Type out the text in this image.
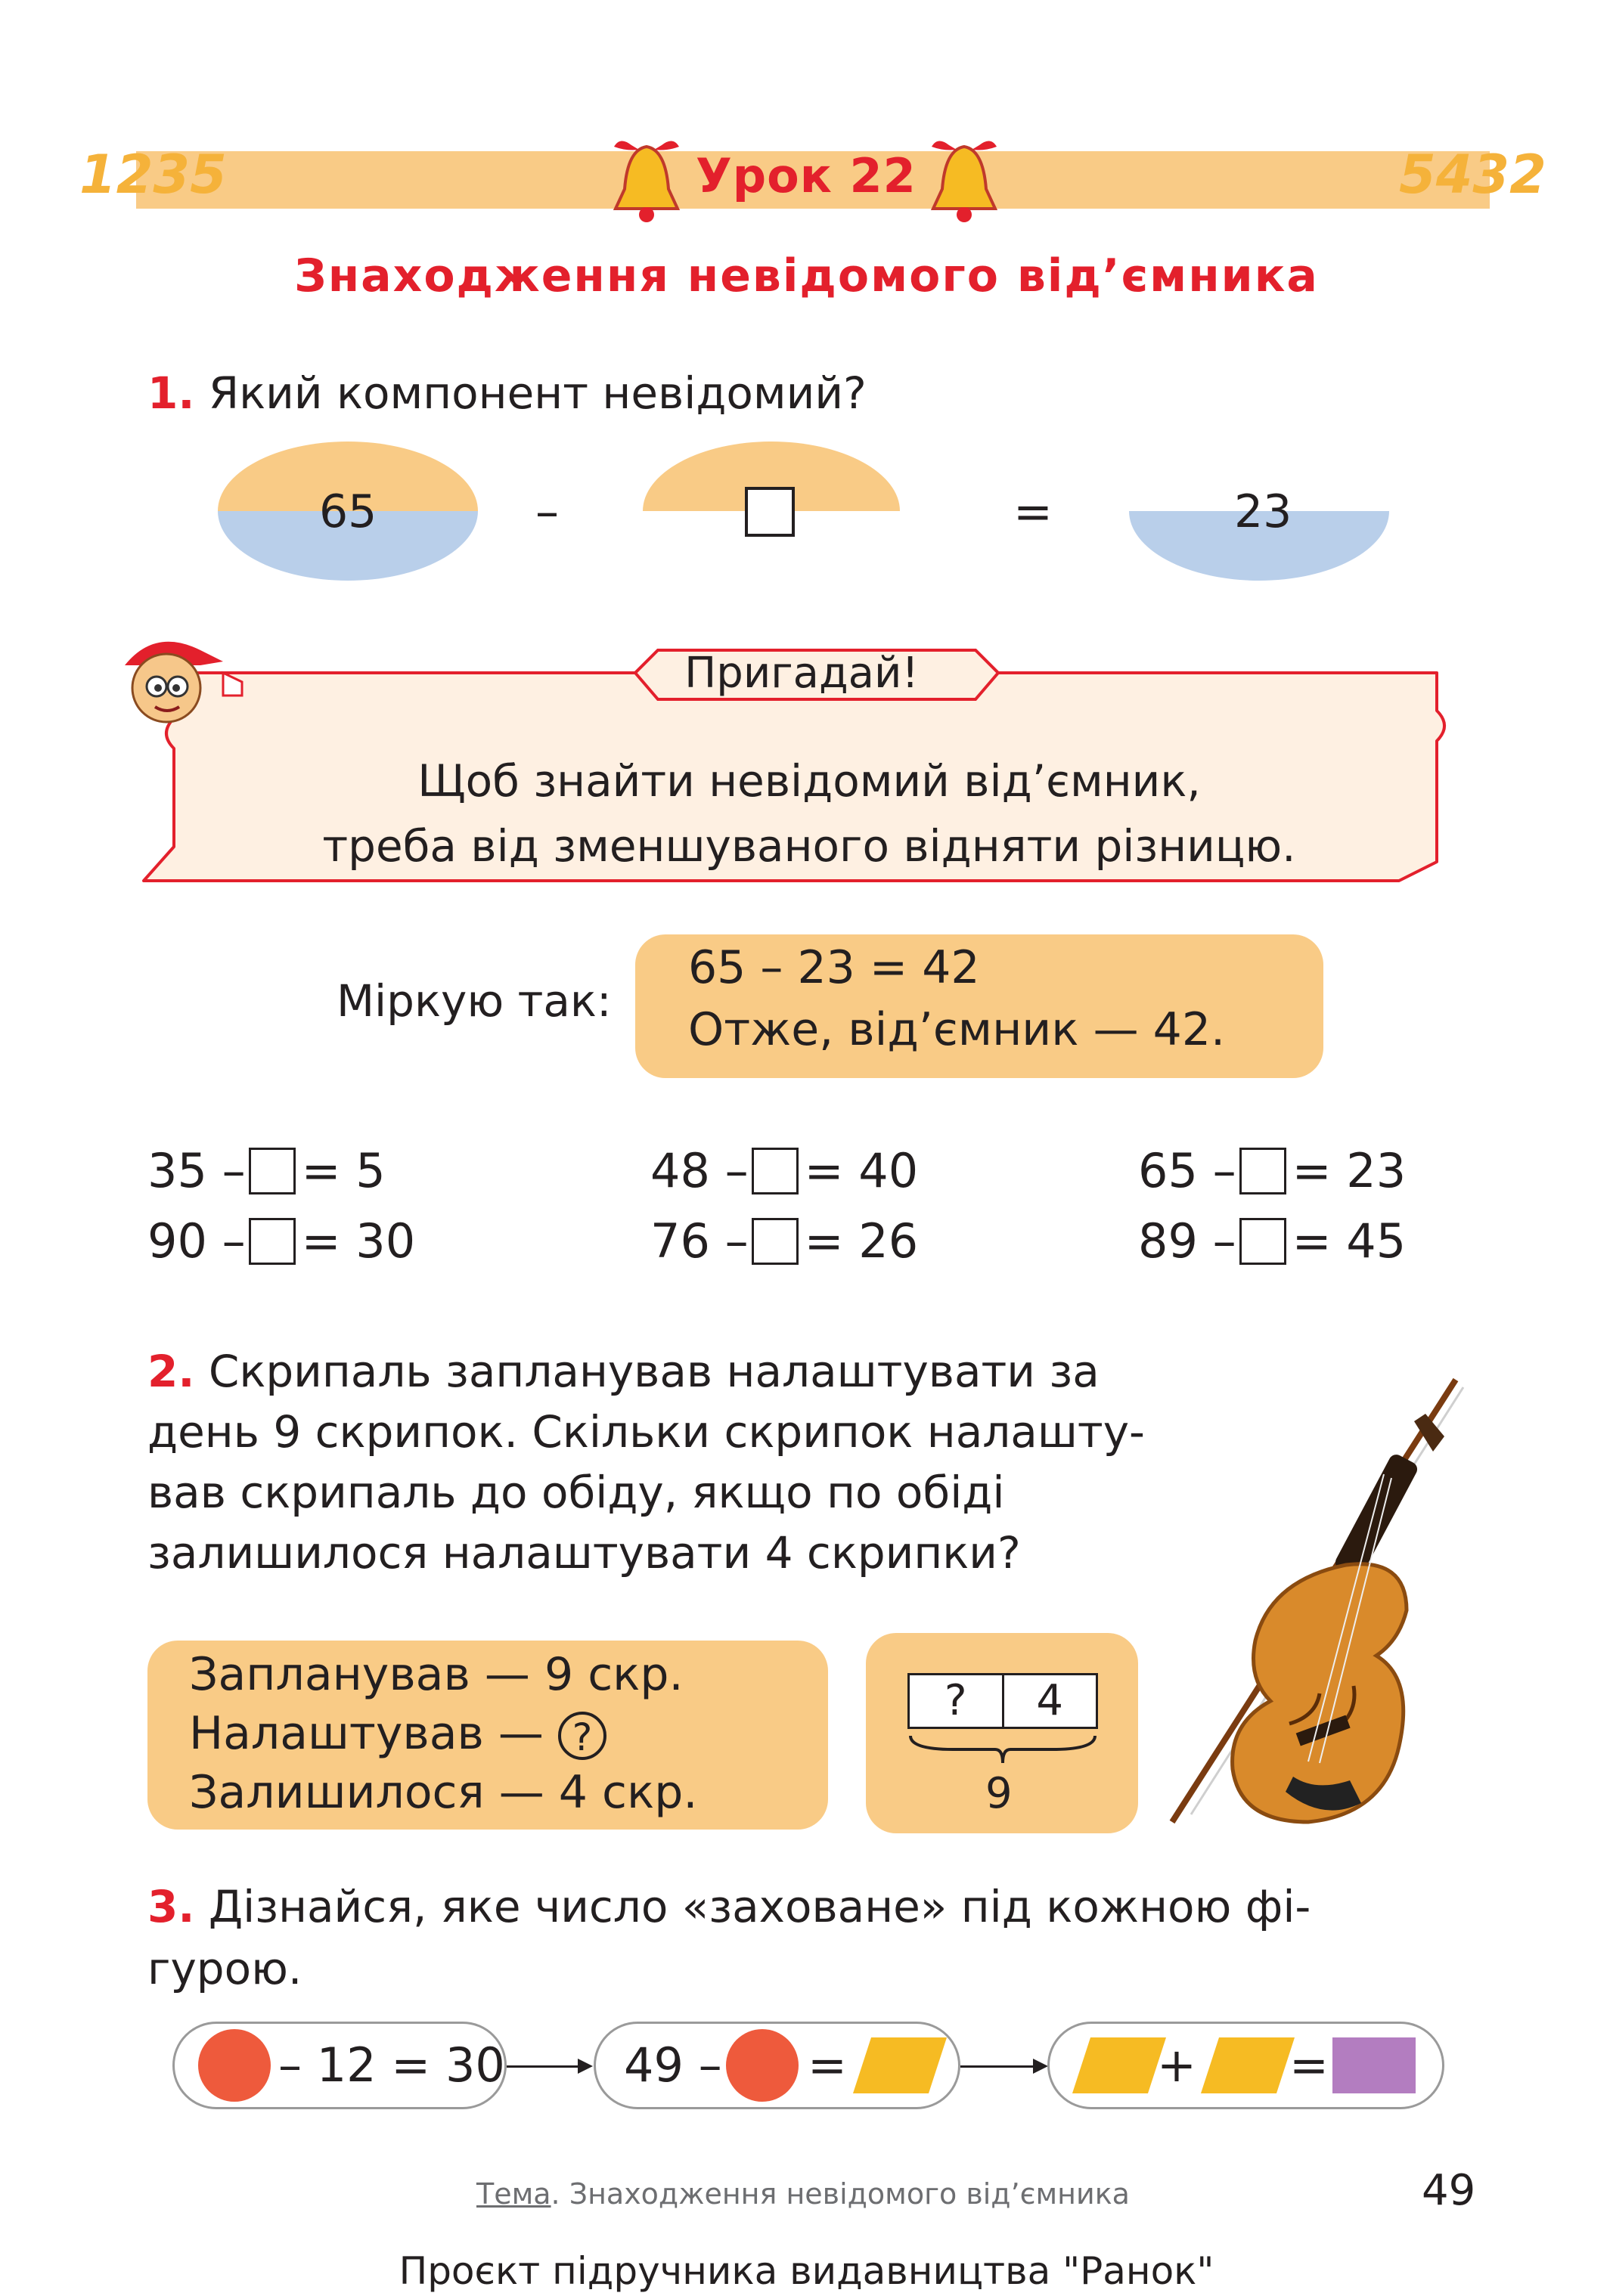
1235	5432
Урок 22
Знаходження невідомого від’ємника
1. Який компонент невідомий?
65	–	=	23
Пригадай!
Щоб знайти невідомий від’ємник,
треба від зменшуваного відняти різницю.
Міркую так:
65 – 23 = 42
Отже, від’ємник — 42.
35 – = 5	48 – = 40	65 – = 23
90 – = 30	76 – = 26	89 – = 45
2. Скрипаль запланував налаштувати за
день 9 скрипок. Скільки скрипок налашту-
вав скрипаль до обіду, якщо по обіді
залишилося налаштувати 4 скрипки?
Запланував — 9 скр.
Налаштував — ?
Залишилося — 4 скр.
?	4
9
3. Дізнайся, яке число «заховане» під кожною фі-
гурою.
– 12 = 30	49 – =	+ =
Тема. Знаходження невідомого від’ємника	49
Проєкт підручника видавництва "Ранок"
